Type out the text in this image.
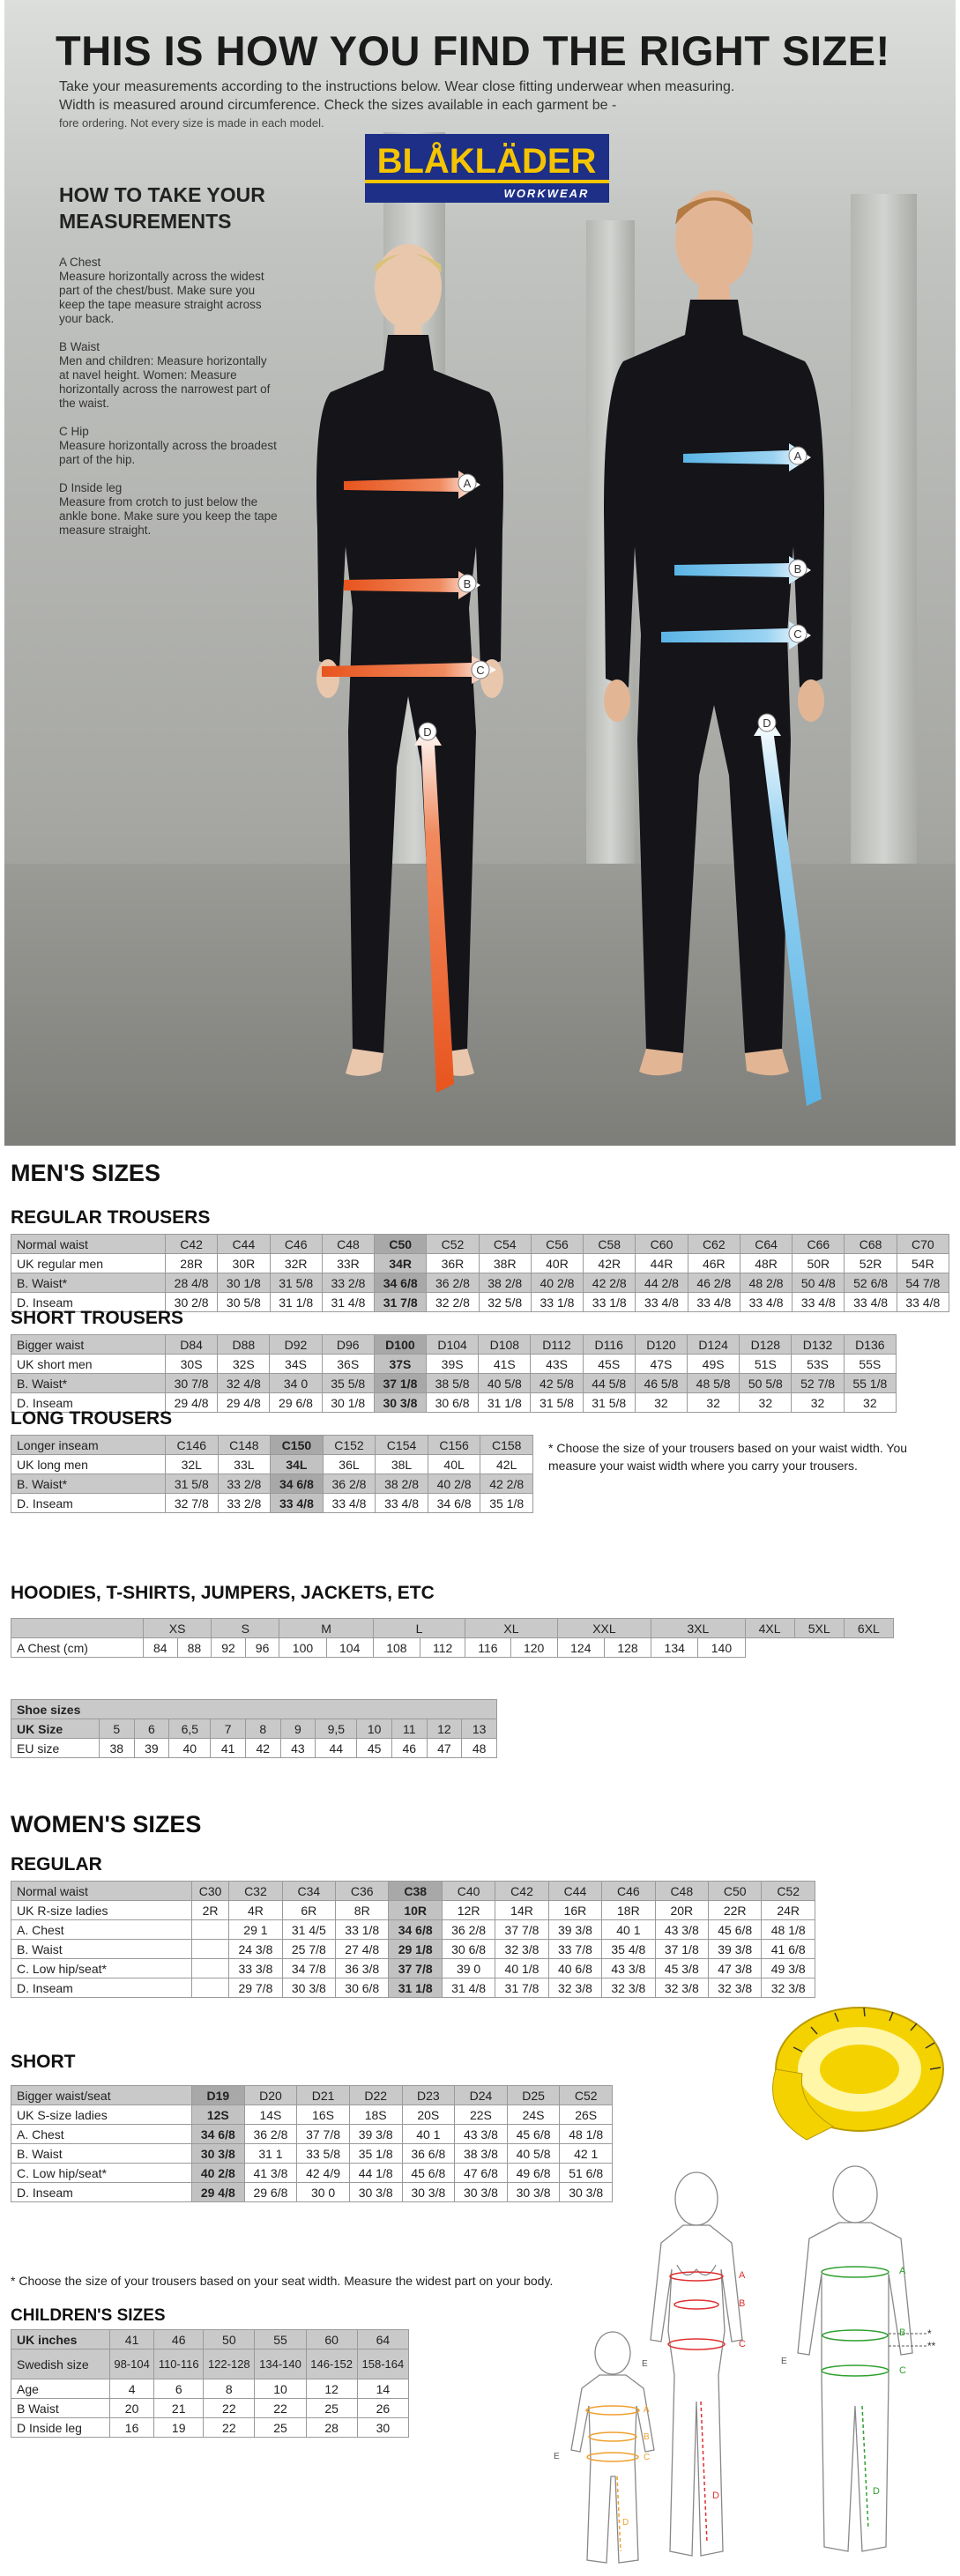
THIS IS HOW YOU FIND THE RIGHT SIZE!
Take your measurements according to the instructions below. Wear close fitting underwear when measuring. Width is measured around circumference. Check the sizes available in each garment be -
fore ordering. Not every size is made in each model.
BLÅKLÄDER
WORKWEAR
HOW TO TAKE YOUR
MEASUREMENTS

A Chest
Measure horizontally across the widest part of the chest/bust. Make sure you keep the tape measure straight across your back.

B Waist
Men and children: Measure horizontally at navel height. Women: Measure horizontally across the narrowest part of the waist.

C Hip
Measure horizontally across the broadest part of the hip.

D Inside leg
Measure from crotch to just below the ankle bone. Make sure you keep the tape measure straight.

A
B
C
D
A
B
C
D
MEN'S SIZES
REGULAR TROUSERS
Normal waist	C42	C44	C46	C48	C50	C52	C54	C56	C58	C60	C62	C64	C66	C68	C70
UK regular men	28R	30R	32R	33R	34R	36R	38R	40R	42R	44R	46R	48R	50R	52R	54R
B. Waist*	28 4/8	30 1/8	31 5/8	33 2/8	34 6/8	36 2/8	38 2/8	40 2/8	42 2/8	44 2/8	46 2/8	48 2/8	50 4/8	52 6/8	54 7/8
D. Inseam	30 2/8	30 5/8	31 1/8	31 4/8	31 7/8	32 2/8	32 5/8	33 1/8	33 1/8	33 4/8	33 4/8	33 4/8	33 4/8	33 4/8	33 4/8
SHORT TROUSERS
Bigger waist	D84	D88	D92	D96	D100	D104	D108	D112	D116	D120	D124	D128	D132	D136
UK short men	30S	32S	34S	36S	37S	39S	41S	43S	45S	47S	49S	51S	53S	55S
B. Waist*	30 7/8	32 4/8	34 0	35 5/8	37 1/8	38 5/8	40 5/8	42 5/8	44 5/8	46 5/8	48 5/8	50 5/8	52 7/8	55 1/8
D. Inseam	29 4/8	29 4/8	29 6/8	30 1/8	30 3/8	30 6/8	31 1/8	31 5/8	31 5/8	32	32	32	32	32
LONG TROUSERS
Longer inseam	C146	C148	C150	C152	C154	C156	C158
UK long men	32L	33L	34L	36L	38L	40L	42L
B. Waist*	31 5/8	33 2/8	34 6/8	36 2/8	38 2/8	40 2/8	42 2/8
D. Inseam	32 7/8	33 2/8	33 4/8	33 4/8	33 4/8	34 6/8	35 1/8
* Choose the size of your trousers based on your waist width. You measure your waist width where you carry your trousers.
HOODIES, T-SHIRTS, JUMPERS, JACKETS, ETC
	XS		S		M		L		XL		XXL		3XL		4XL	5XL	6XL
A Chest (cm)	84	88	92	96	100	104	108	112	116	120	124	128	134	140			
Shoe sizes											
UK Size	5	6	6,5	7	8	9	9,5	10	11	12	13
EU size	38	39	40	41	42	43	44	45	46	47	48
WOMEN'S SIZES
REGULAR
Normal waist	C30	C32	C34	C36	C38	C40	C42	C44	C46	C48	C50	C52
UK R-size ladies	2R	4R	6R	8R	10R	12R	14R	16R	18R	20R	22R	24R
A. Chest		29 1	31 4/5	33 1/8	34 6/8	36 2/8	37 7/8	39 3/8	40 1	43 3/8	45 6/8	48 1/8
B. Waist		24 3/8	25 7/8	27 4/8	29 1/8	30 6/8	32 3/8	33 7/8	35 4/8	37 1/8	39 3/8	41 6/8
C. Low hip/seat*		33 3/8	34 7/8	36 3/8	37 7/8	39 0	40 1/8	40 6/8	43 3/8	45 3/8	47 3/8	49 3/8
D. Inseam		29 7/8	30 3/8	30 6/8	31 1/8	31 4/8	31 7/8	32 3/8	32 3/8	32 3/8	32 3/8	32 3/8
SHORT
Bigger waist/seat	D19	D20	D21	D22	D23	D24	D25	C52
UK S-size ladies	12S	14S	16S	18S	20S	22S	24S	26S
A. Chest	34 6/8	36 2/8	37 7/8	39 3/8	40 1	43 3/8	45 6/8	48 1/8
B. Waist	30 3/8	31 1	33 5/8	35 1/8	36 6/8	38 3/8	40 5/8	42 1
C. Low hip/seat*	40 2/8	41 3/8	42 4/9	44 1/8	45 6/8	47 6/8	49 6/8	51 6/8
D. Inseam	29 4/8	29 6/8	30 0	30 3/8	30 3/8	30 3/8	30 3/8	30 3/8
* Choose the size of your trousers based on your seat width. Measure the widest part on your body.
CHILDREN'S SIZES
UK inches	41	46	50	55	60	64
Swedish size	98-104	110-116	122-128	134-140	146-152	158-164
Age	4	6	8	10	12	14
B Waist	20	21	22	22	25	26
D Inside leg	16	19	22	25	28	30
A
B
C
D
E
A
B
C
D
E
A
B
C
D
*
**
E
